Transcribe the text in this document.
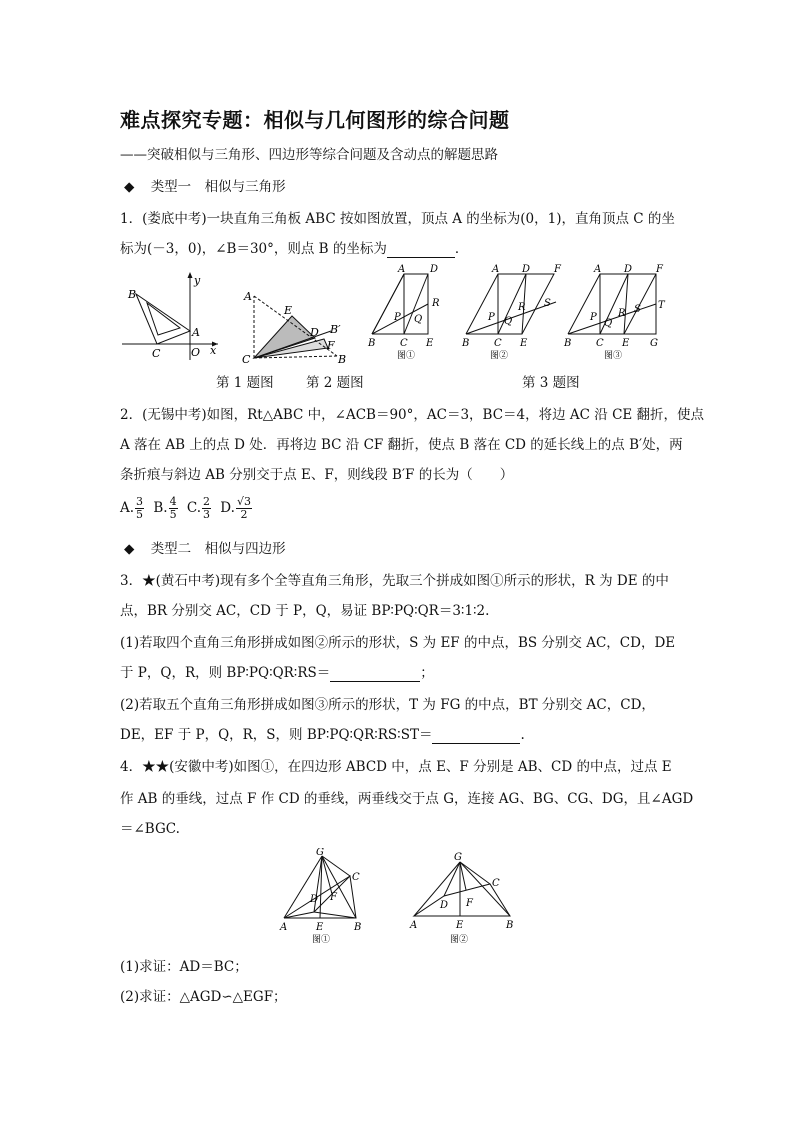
难点探究专题：相似与几何图形的综合问题
——突破相似与三角形、四边形等综合问题及含动点的解题思路
◆ 类型一　相似与三角形
1．(娄底中考)一块直角三角板 ABC 按如图放置，顶点 A 的坐标为(0，1)，直角顶点 C 的坐
标为(－3，0)，∠B＝30°，则点 B 的坐标为	．
B
y
A
x
C	O
A
E
D B′
F
C	B
A D
R
P Q
B C E
图①
A D F
R S
P Q
B C E
图②
A D F
T
S
R
P
Q
B C E G
图③
第 1 题图 第 2 题图	第 3 题图
2．(无锡中考)如图，Rt△ABC 中，∠ACB＝90°，AC＝3，BC＝4，将边 AC 沿 CE 翻折，使点
A 落在 AB 上的点 D 处．再将边 BC 沿 CF 翻折，使点 B 落在 CD 的延长线上的点 B′处，两
条折痕与斜边 AB 分别交于点 E、F，则线段 B′F 的长为（　　）
A. $\frac{3}{5} B$. $\frac{4}{5} C$. $\frac{2}{3} D$. $\frac{√3}{2}$
◆ 类型二　相似与四边形
3．★(黄石中考)现有多个全等直角三角形，先取三个拼成如图①所示的形状，R 为 DE 的中
点，BR 分别交 AC，CD 于 P，Q，易证 BP∶PQ∶QR＝3∶1∶2.
(1)若取四个直角三角形拼成如图②所示的形状，S 为 EF 的中点，BS 分别交 AC，CD，DE
于 P，Q，R，则 BP∶PQ∶QR∶RS＝	；
(2)若取五个直角三角形拼成如图③所示的形状，T 为 FG 的中点，BT 分别交 AC，CD，
DE，EF 于 P，Q，R，S，则 BP∶PQ∶QR∶RS∶ST＝	.
4．★★(安徽中考)如图①，在四边形 ABCD 中，点 E、F 分别是 AB、CD 的中点，过点 E
作 AB 的垂线，过点 F 作 CD 的垂线，两垂线交于点 G，连接 AG、BG、CG、DG，且∠AGD
＝∠BGC.
G
C
D F
A	E	B
图①
G
C
D F
A	E	B
图②
(1)求证：AD＝BC；
(2)求证：△AGD∽△EGF；
